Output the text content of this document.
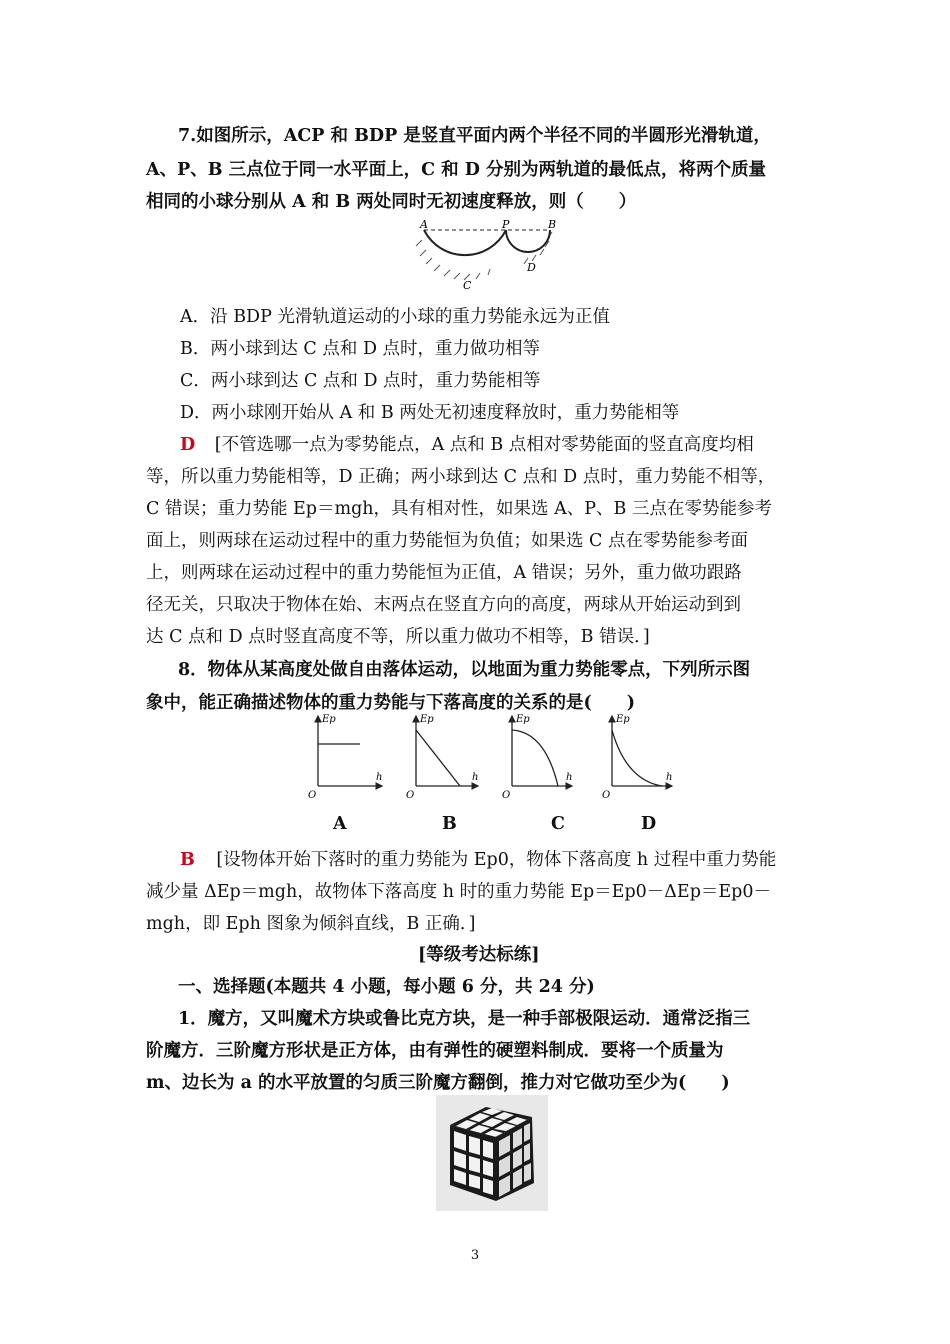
7.如图所示，ACP 和 BDP 是竖直平面内两个半径不同的半圆形光滑轨道，
A、P、B 三点位于同一水平面上，C 和 D 分别为两轨道的最低点，将两个质量
相同的小球分别从 A 和 B 两处同时无初速度释放，则（　　）
A	P	B
C
D
A．沿 BDP 光滑轨道运动的小球的重力势能永远为正值
B．两小球到达 C 点和 D 点时，重力做功相等
C．两小球到达 C 点和 D 点时，重力势能相等
D．两小球刚开始从 A 和 B 两处无初速度释放时，重力势能相等
D [不管选哪一点为零势能点，A 点和 B 点相对零势能面的竖直高度均相
等，所以重力势能相等，D 正确；两小球到达 C 点和 D 点时，重力势能不相等，
C 错误；重力势能 Ep＝mgh，具有相对性，如果选 A、P、B 三点在零势能参考
面上，则两球在运动过程中的重力势能恒为负值；如果选 C 点在零势能参考面
上，则两球在运动过程中的重力势能恒为正值，A 错误；另外，重力做功跟路
径无关，只取决于物体在始、末两点在竖直方向的高度，两球从开始运动到到
达 C 点和 D 点时竖直高度不等，所以重力做功不相等，B 错误．]
8．物体从某高度处做自由落体运动，以地面为重力势能零点，下列所示图
象中，能正确描述物体的重力势能与下落高度的关系的是(　　)
Ep
h
O
Ep
h
O
Ep
h
O
Ep
h
O
A	B	C	D
B [设物体开始下落时的重力势能为 Ep0，物体下落高度 h 过程中重力势能
减少量 ΔEp＝mgh，故物体下落高度 h 时的重力势能 Ep＝Ep0－ΔEp＝Ep0－
mgh，即 Eph 图象为倾斜直线，B 正确．]
[等级考达标练]
一、选择题(本题共 4 小题，每小题 6 分，共 24 分)
1．魔方，又叫魔术方块或鲁比克方块，是一种手部极限运动．通常泛指三
阶魔方．三阶魔方形状是正方体，由有弹性的硬塑料制成．要将一个质量为
m、边长为 a 的水平放置的匀质三阶魔方翻倒，推力对它做功至少为(　　)
3
